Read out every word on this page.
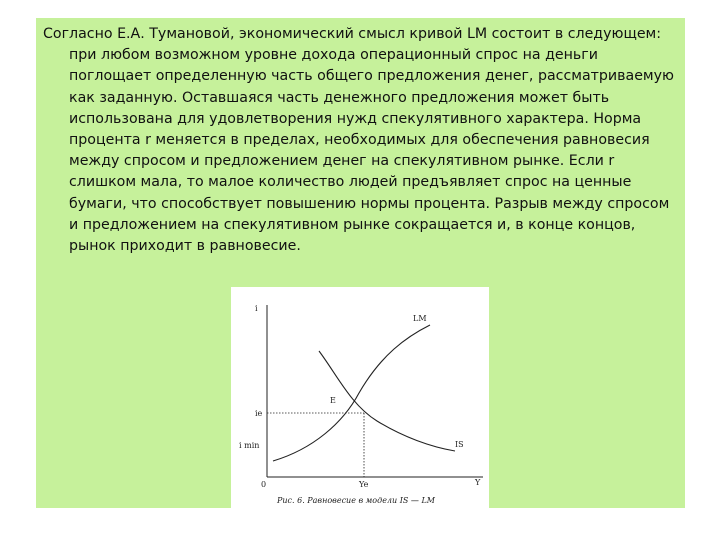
Согласно Е.А. Тумановой, экономический смысл кривой LM состоит в следующем:
при любом возможном уровне дохода операционный спрос на деньги поглощает определенную часть общего предложения денег, рассматриваемую как заданную. Оставшаяся часть денежного предложения может быть использована для удовлетворения нужд спекулятивного характера. Норма процента r меняется в пределах, необходимых для обеспечения равновесия между спросом и предложением денег на спекулятивном рынке. Если r слишком мала, то малое количество людей предъявляет спрос на ценные бумаги, что способствует повышению нормы процента. Разрыв между спросом и предложением на спекулятивном рынке сокращается и, в конце концов, рынок приходит в равновесие.

i
LM
E
ie
i min	IS
0	Ye	Y
Рис. 6. Равновесие в модели IS — LM
